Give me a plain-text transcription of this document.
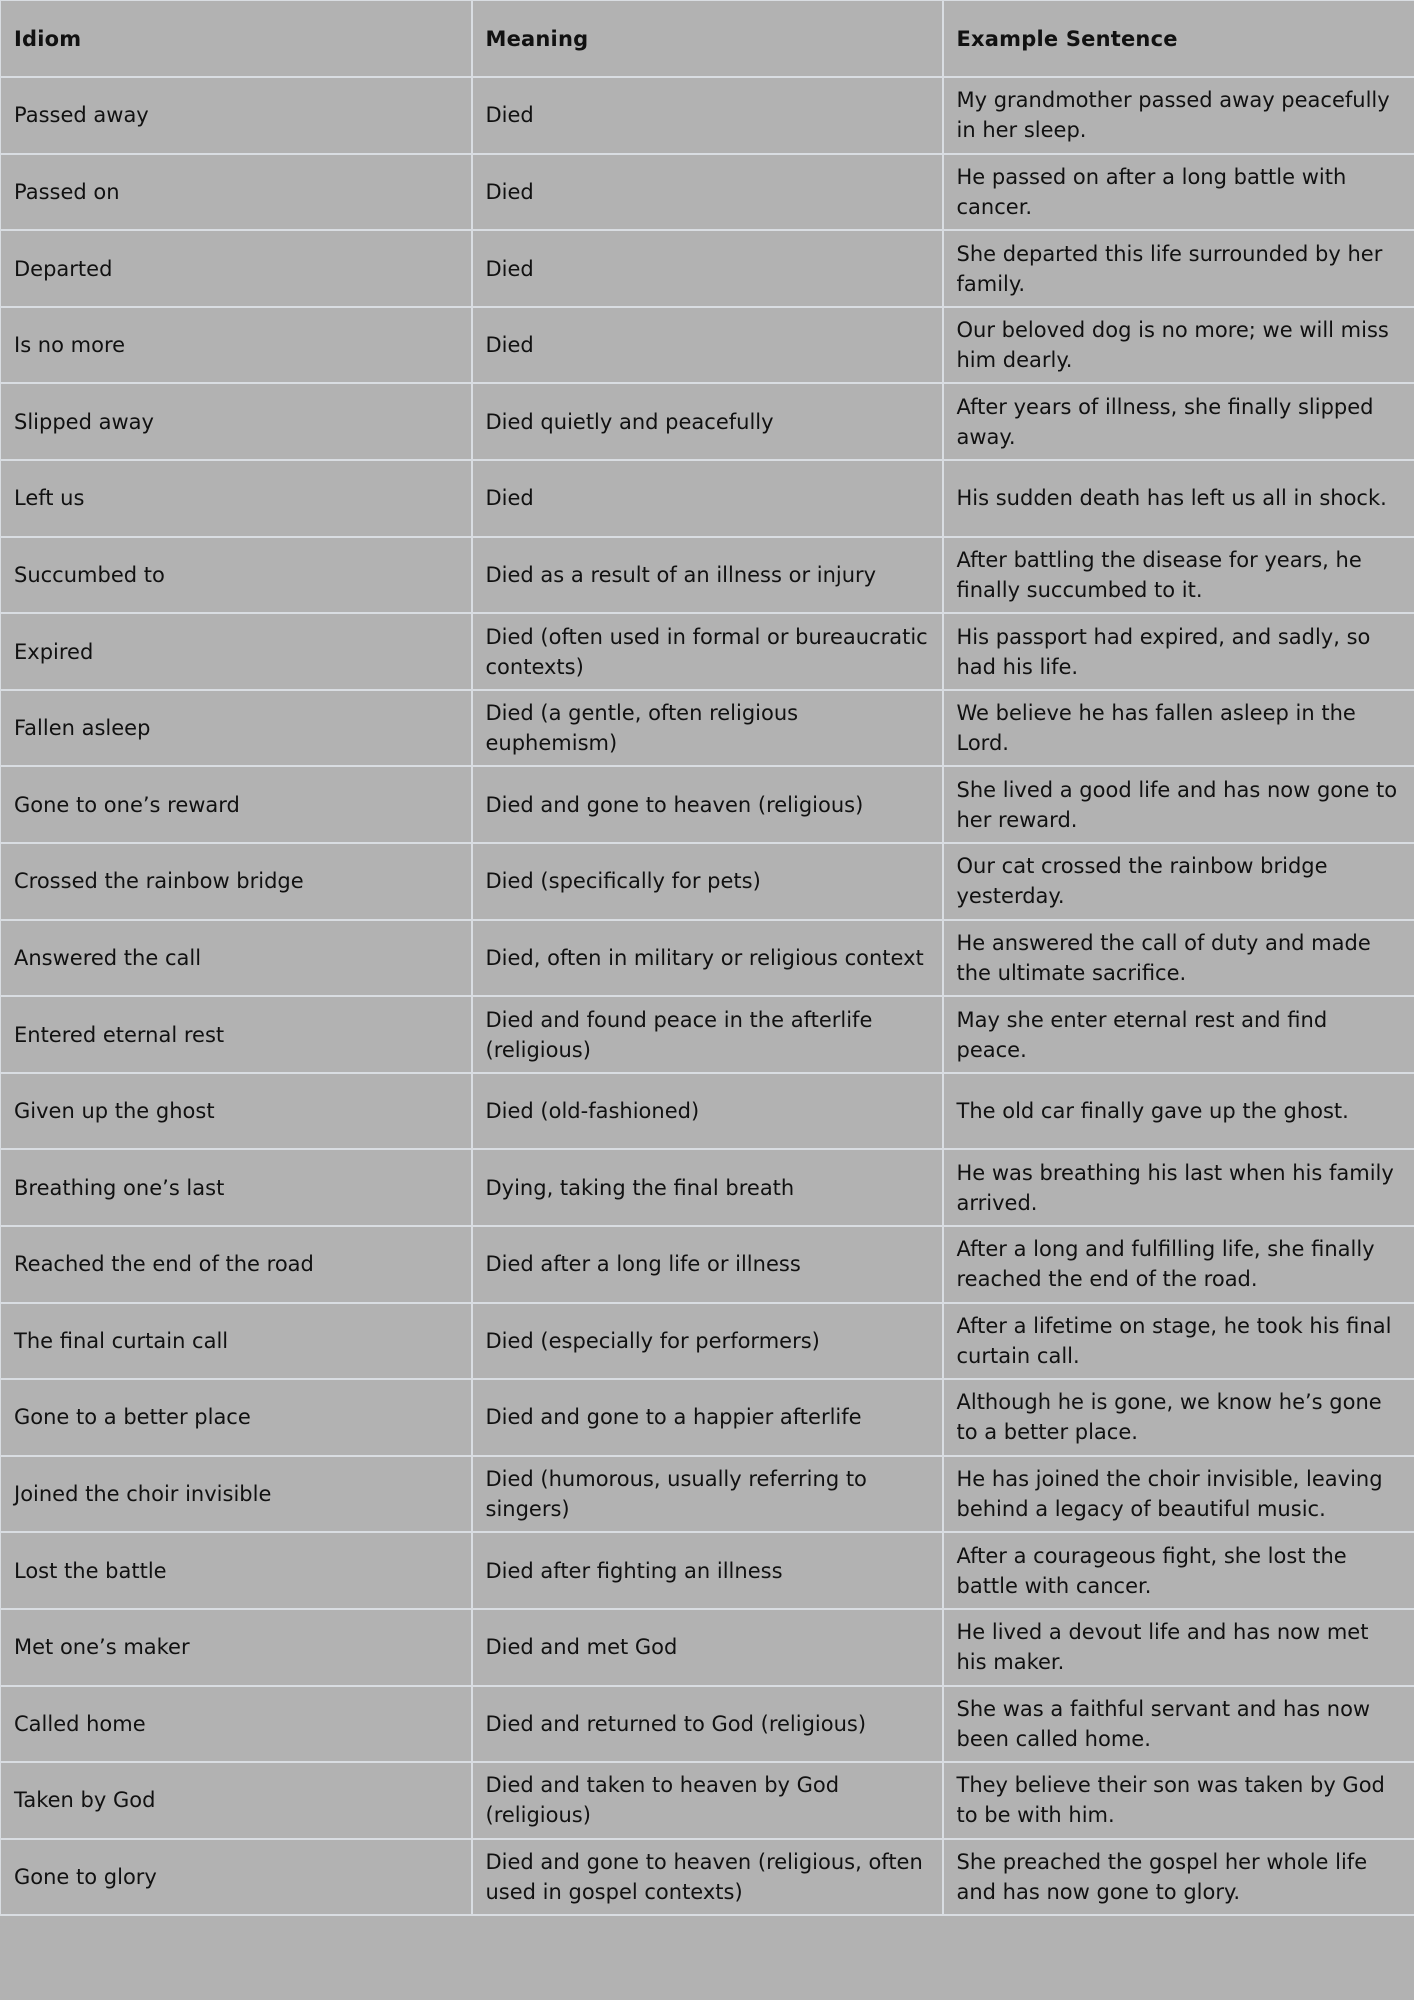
Idiom	Meaning	Example Sentence
Passed away	Died	My grandmother passed away peacefully in her sleep.
Passed on	Died	He passed on after a long battle with cancer.
Departed	Died	She departed this life surrounded by her family.
Is no more	Died	Our beloved dog is no more; we will miss him dearly.
Slipped away	Died quietly and peacefully	After years of illness, she finally slipped away.
Left us	Died	His sudden death has left us all in shock.
Succumbed to	Died as a result of an illness or injury	After battling the disease for years, he finally succumbed to it.
Expired	Died (often used in formal or bureaucratic contexts)	His passport had expired, and sadly, so had his life.
Fallen asleep	Died (a gentle, often religious euphemism)	We believe he has fallen asleep in the Lord.
Gone to one’s reward	Died and gone to heaven (religious)	She lived a good life and has now gone to her reward.
Crossed the rainbow bridge	Died (specifically for pets)	Our cat crossed the rainbow bridge yesterday.
Answered the call	Died, often in military or religious context	He answered the call of duty and made the ultimate sacrifice.
Entered eternal rest	Died and found peace in the afterlife (religious)	May she enter eternal rest and find peace.
Given up the ghost	Died (old-fashioned)	The old car finally gave up the ghost.
Breathing one’s last	Dying, taking the final breath	He was breathing his last when his family arrived.
Reached the end of the road	Died after a long life or illness	After a long and fulfilling life, she finally reached the end of the road.
The final curtain call	Died (especially for performers)	After a lifetime on stage, he took his final curtain call.
Gone to a better place	Died and gone to a happier afterlife	Although he is gone, we know he’s gone to a better place.
Joined the choir invisible	Died (humorous, usually referring to singers)	He has joined the choir invisible, leaving behind a legacy of beautiful music.
Lost the battle	Died after fighting an illness	After a courageous fight, she lost the battle with cancer.
Met one’s maker	Died and met God	He lived a devout life and has now met his maker.
Called home	Died and returned to God (religious)	She was a faithful servant and has now been called home.
Taken by God	Died and taken to heaven by God (religious)	They believe their son was taken by God to be with him.
Gone to glory	Died and gone to heaven (religious, often used in gospel contexts)	She preached the gospel her whole life and has now gone to glory.
